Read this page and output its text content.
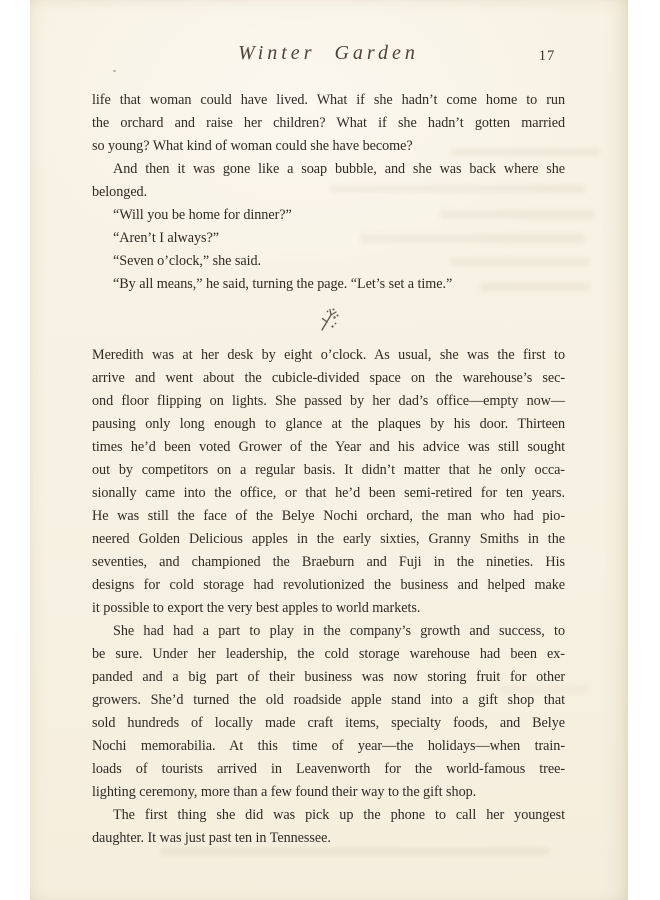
Winter Garden	17
life that woman could have lived. What if she hadn’t come home to run
the orchard and raise her children? What if she hadn’t gotten married
so young? What kind of woman could she have become?
And then it was gone like a soap bubble, and she was back where she
belonged.
“Will you be home for dinner?”
“Aren’t I always?”
“Seven o’clock,” she said.
“By all means,” he said, turning the page. “Let’s set a time.”
Meredith was at her desk by eight o’clock. As usual, she was the first to
arrive and went about the cubicle-divided space on the warehouse’s sec-
ond floor flipping on lights. She passed by her dad’s office—empty now—
pausing only long enough to glance at the plaques by his door. Thirteen
times he’d been voted Grower of the Year and his advice was still sought
out by competitors on a regular basis. It didn’t matter that he only occa-
sionally came into the office, or that he’d been semi-retired for ten years.
He was still the face of the Belye Nochi orchard, the man who had pio-
neered Golden Delicious apples in the early sixties, Granny Smiths in the
seventies, and championed the Braeburn and Fuji in the nineties. His
designs for cold storage had revolutionized the business and helped make
it possible to export the very best apples to world markets.
She had had a part to play in the company’s growth and success, to
be sure. Under her leadership, the cold storage warehouse had been ex-
panded and a big part of their business was now storing fruit for other
growers. She’d turned the old roadside apple stand into a gift shop that
sold hundreds of locally made craft items, specialty foods, and Belye
Nochi memorabilia. At this time of year—the holidays—when train-
loads of tourists arrived in Leavenworth for the world-famous tree-
lighting ceremony, more than a few found their way to the gift shop.
The first thing she did was pick up the phone to call her youngest
daughter. It was just past ten in Tennessee.
